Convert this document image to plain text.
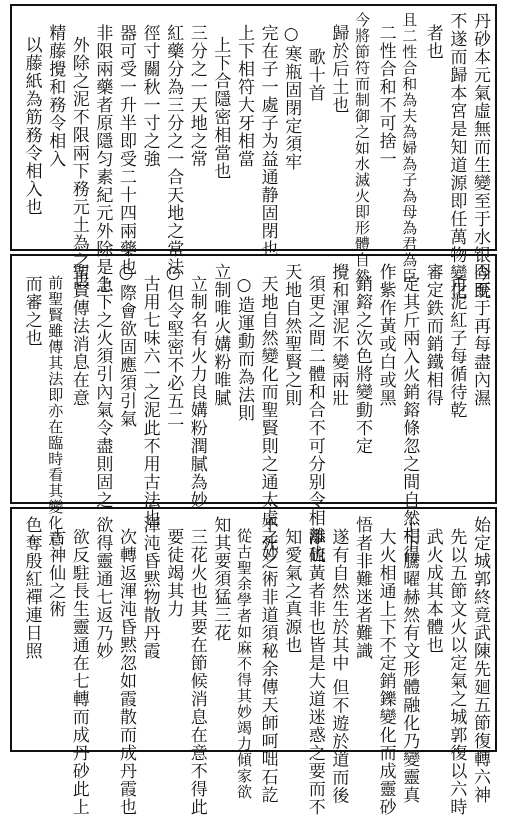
丹砂本元氣虛無而生變至于水银今既
不遂而歸本宮是知道源即任萬物變化
者也
且二性合和為夫為婦為子為母為君為臣
二性合和不可捨一
今將節符而制御之如水滅火即形體自然
歸於后土也
歌十首
○寒瓶固閉定須牢
完在子一處子为益通静固閉也
上下相符大牙相當
上下合隱密相當也
三分之一天地之常
紅藥分為三分之一合天地之常法
徑寸關秋一寸之強
器可受一升半即受二十四兩藥也
非限兩藥者原隱匀素紀元外除是急
外除之泥不限兩下務元土為之也
精藤攪和務令相入
以藤紙為筋務令相入也
固至于再每盡內濕
再泥紅子每循待乾
審定鉄而銷鐵相得
定其斤兩入火銷鎔條忽之間自然相得
作紫作黃或白或黑
銷鎔之次色將變動不定
攪和渾泥不變兩壯
須更之間二體和合不可分别令相離也
天地自然聖賢之則
天地自然變化而聖賢則之通太虛之妙
○造運動而為法則
立制唯火媾粉唯膩
立制名有火力良媾粉潤膩為妙
○但令堅密不必五二
古用七味六一之泥此不用古法也
○際會欲固應須引氣
上下之火須引內氣令盡則固之
聖賢傳法消息在意
前聖賢雖傳其法即亦在臨時看其變化意
而審之也
始定城郭終竟武陳先廻五節復轉六神
先以五節文火以定氣之城郭復以六時
武火成其本體也
上下騰曜赫然有文形體融化乃變靈真
大火相通上下不定銷鑠變化而成靈砂
悟者非難迷者難識
遂有自然生於其中 但不遊於道而後
添硫黃者非也皆是大道迷惑之要而不
知愛氣之真源也
不死之術非道須秘余傳天師呵咄石訖
從古聖余學者如麻不得其妙竭力傾家欲
知其要須猛三花
三花火也其要在節候消息在意不得此
要徒竭其力
渾沌昏黙物散丹霞
次轉返渾沌昏黙忽如霞散而成丹霞也
欲得靈通七返乃妙
欲反駐長生靈通在七轉而成丹砂此上
古神仙之術
色奪殷紅禪連日照
